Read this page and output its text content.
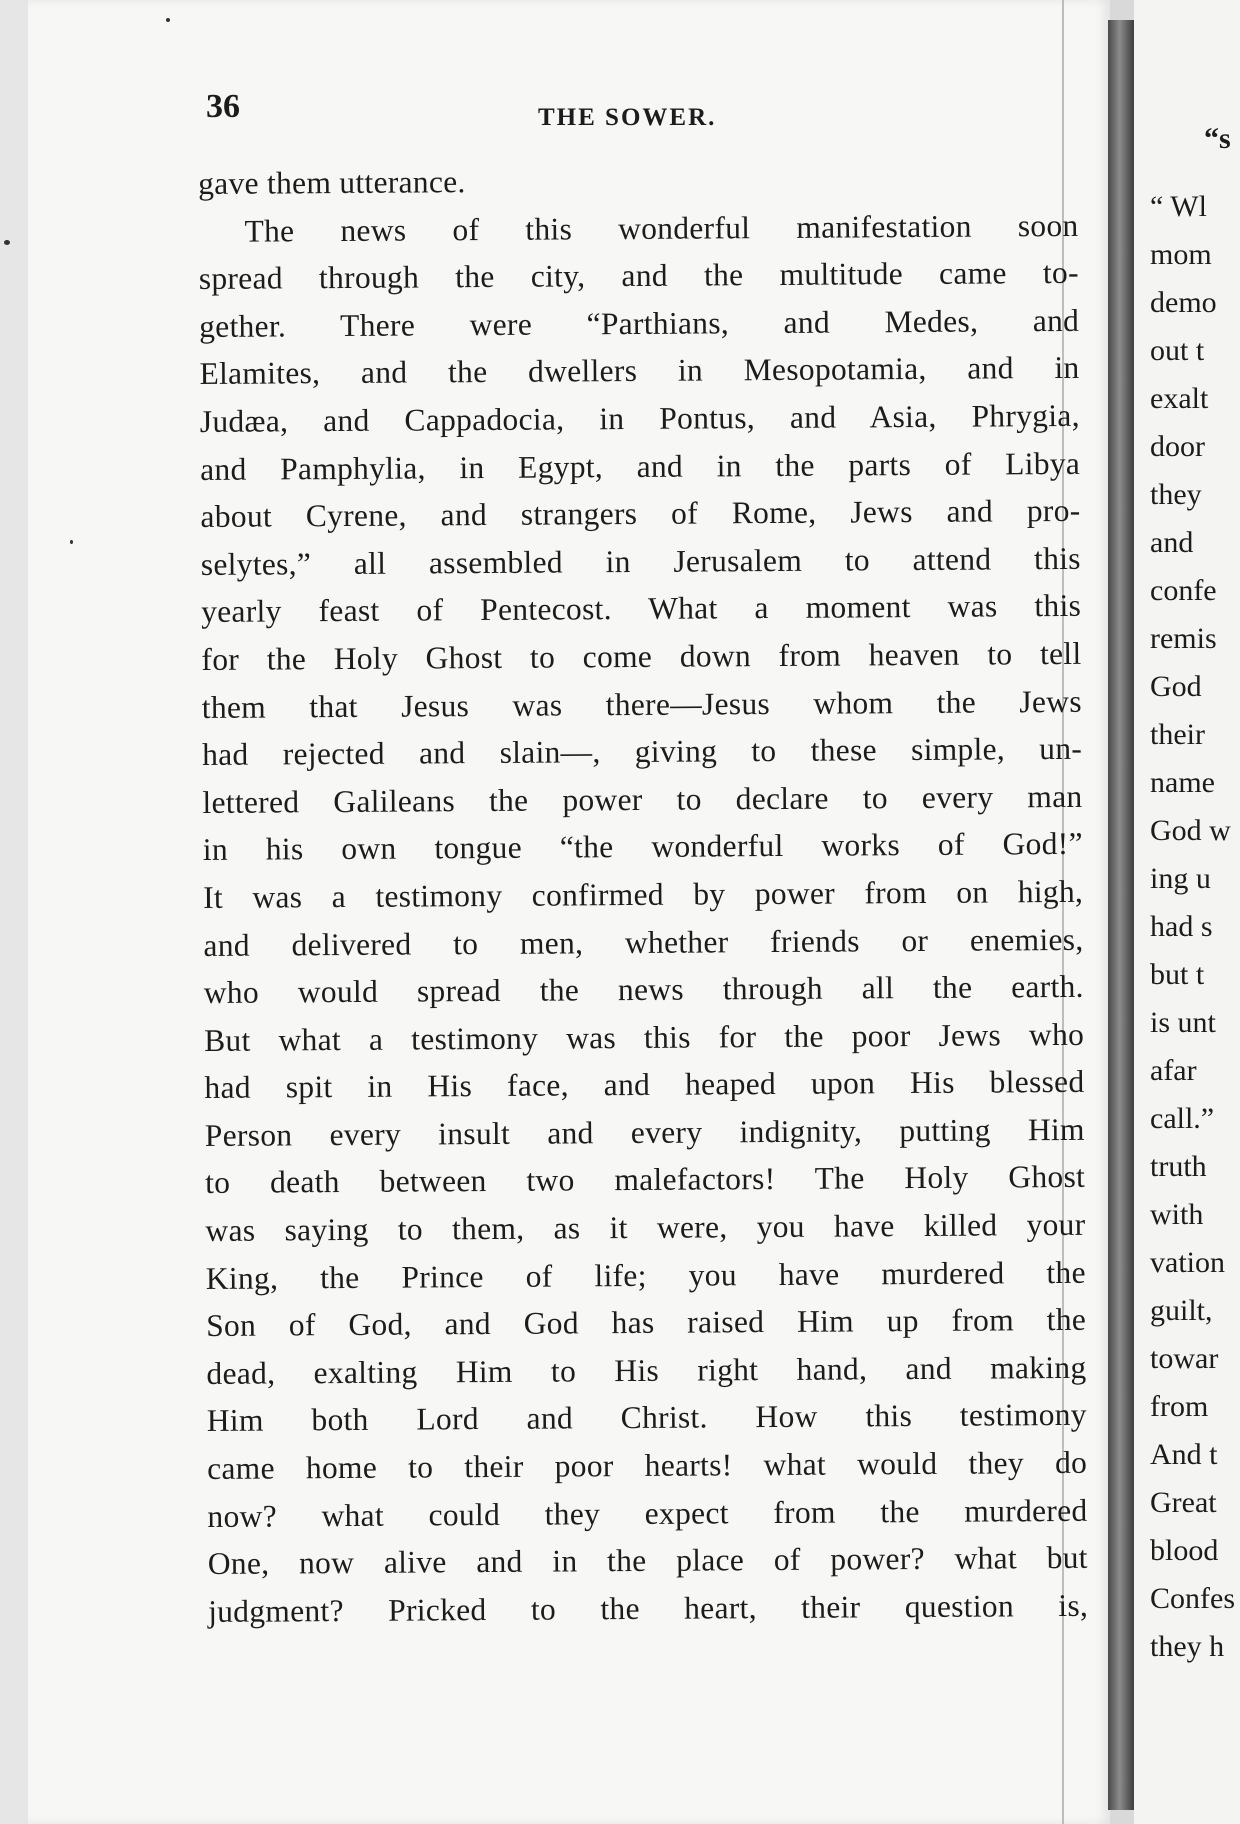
36	THE SOWER.
gave them utterance.
The news of this wonderful manifestation soon
spread through the city, and the multitude came to-
gether. There were “Parthians, and Medes, and
Elamites, and the dwellers in Mesopotamia, and in
Judæa, and Cappadocia, in Pontus, and Asia, Phrygia,
and Pamphylia, in Egypt, and in the parts of Libya
about Cyrene, and strangers of Rome, Jews and pro-
selytes,” all assembled in Jerusalem to attend this
yearly feast of Pentecost. What a moment was this
for the Holy Ghost to come down from heaven to tell
them that Jesus was there—Jesus whom the Jews
had rejected and slain—, giving to these simple, un-
lettered Galileans the power to declare to every man
in his own tongue “the wonderful works of God!”
It was a testimony confirmed by power from on high,
and delivered to men, whether friends or enemies,
who would spread the news through all the earth.
But what a testimony was this for the poor Jews who
had spit in His face, and heaped upon His blessed
Person every insult and every indignity, putting Him
to death between two malefactors! The Holy Ghost
was saying to them, as it were, you have killed your
King, the Prince of life; you have murdered the
Son of God, and God has raised Him up from the
dead, exalting Him to His right hand, and making
Him both Lord and Christ. How this testimony
came home to their poor hearts! what would they do
now? what could they expect from the murdered
One, now alive and in the place of power? what but
judgment? Pricked to the heart, their question is,
“s
“ Wl
mom
demo
out t
exalt
door
they
and
confe
remis
God
their
name
God w
ing u
had s
but t
is unt
afar
call.”
truth
with
vation
guilt,
towar
from
And t
Great
blood
Confes
they h
